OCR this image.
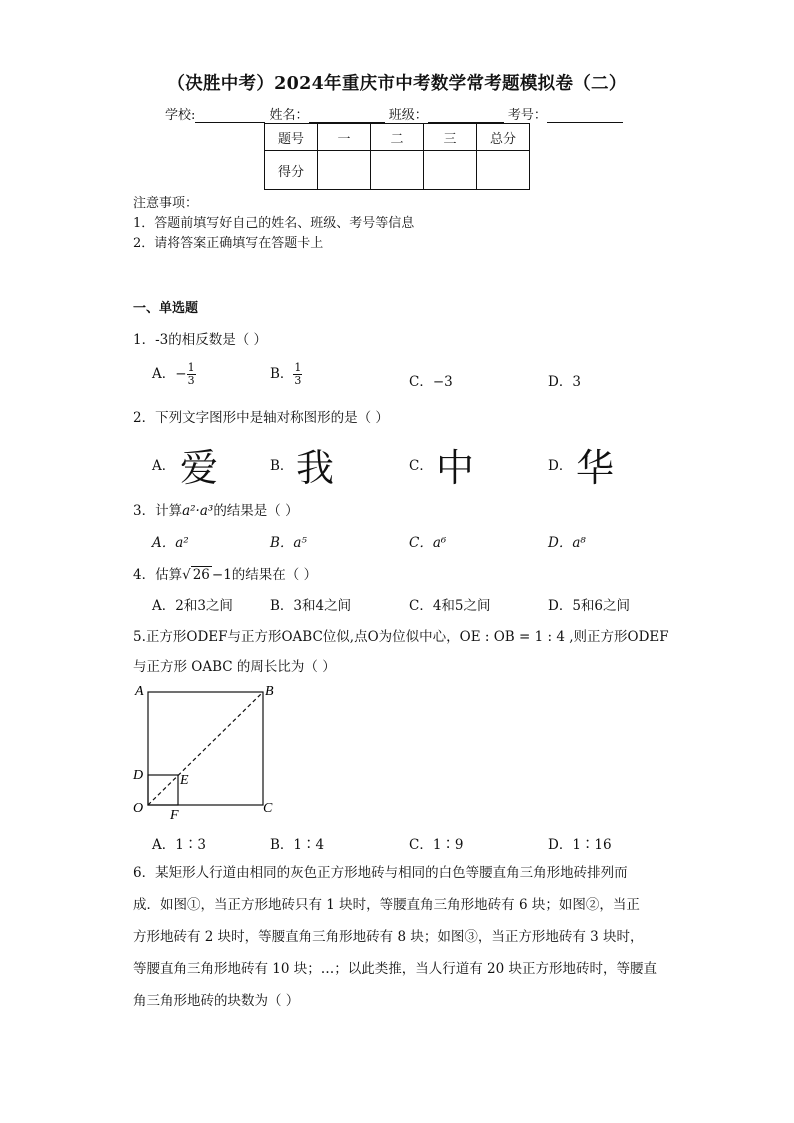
（决胜中考）2024年重庆市中考数学常考题模拟卷（二）
学校:	姓名：	班级：	考号：
题号	一	二	三	总分
得分				
注意事项：
1．答题前填写好自己的姓名、班级、考号等信息
2．请将答案正确填写在答题卡上
一、单选题
1．-3的相反数是（ ）
A．− $\frac{1}{3}$	B． $\frac{1}{3}$	C．−3	D．3
2．下列文字图形中是轴对称图形的是（ ）
A． 爱	B． 我	C． 中	D． 华
3．计算a²·a³的结果是（ ）
A．a²	B．a⁵	C．a⁶	D．a⁸
4．估算√ 26 −1的结果在（ ）
A．2和3之间	B．3和4之间	C．4和5之间	D．5和6之间
5.正方形ODEF与正方形OABC位似,点O为位似中心，OE : OB = 1 : 4 ,则正方形ODEF
与正方形 OABC 的周长比为（ ）
A	B
D	E
O F	C
A．1∶3	B．1∶4	C．1∶9	D．1∶16
6．某矩形人行道由相同的灰色正方形地砖与相同的白色等腰直角三角形地砖排列而
成．如图①，当正方形地砖只有 1 块时，等腰直角三角形地砖有 6 块；如图②，当正
方形地砖有 2 块时，等腰直角三角形地砖有 8 块；如图③，当正方形地砖有 3 块时，
等腰直角三角形地砖有 10 块；…；以此类推，当人行道有 20 块正方形地砖时，等腰直
角三角形地砖的块数为（ ）
